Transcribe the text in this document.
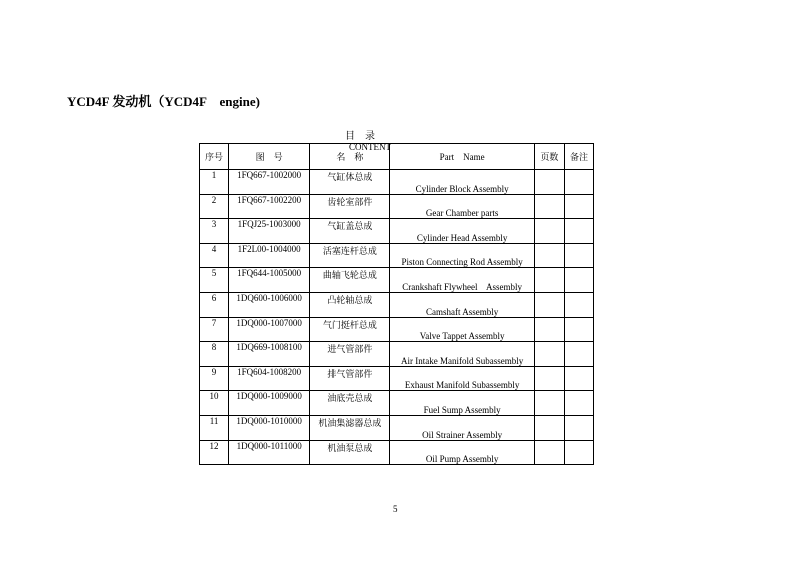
YCD4F 发动机（YCD4F    engine)

目    录
CONTENT

序号	图    号	名    称	Part    Name	页数	备注
1	1FQ667-1002000	气缸体总成	Cylinder Block Assembly		
2	1FQ667-1002200	齿轮室部件	Gear Chamber parts		
3	1FQJ25-1003000	气缸盖总成	Cylinder Head Assembly		
4	1F2L00-1004000	活塞连杆总成	Piston Connecting Rod Assembly		
5	1FQ644-1005000	曲轴飞轮总成	Crankshaft Flywheel    Assembly		
6	1DQ600-1006000	凸轮轴总成	Camshaft Assembly		
7	1DQ000-1007000	气门挺杆总成	Valve Tappet Assembly		
8	1DQ669-1008100	进气管部件	Air Intake Manifold Subassembly		
9	1FQ604-1008200	排气管部件	Exhaust Manifold Subassembly		
10	1DQ000-1009000	油底壳总成	Fuel Sump Assembly		
11	1DQ000-1010000	机油集滤器总成	Oil Strainer Assembly		
12	1DQ000-1011000	机油泵总成	Oil Pump Assembly		
5
